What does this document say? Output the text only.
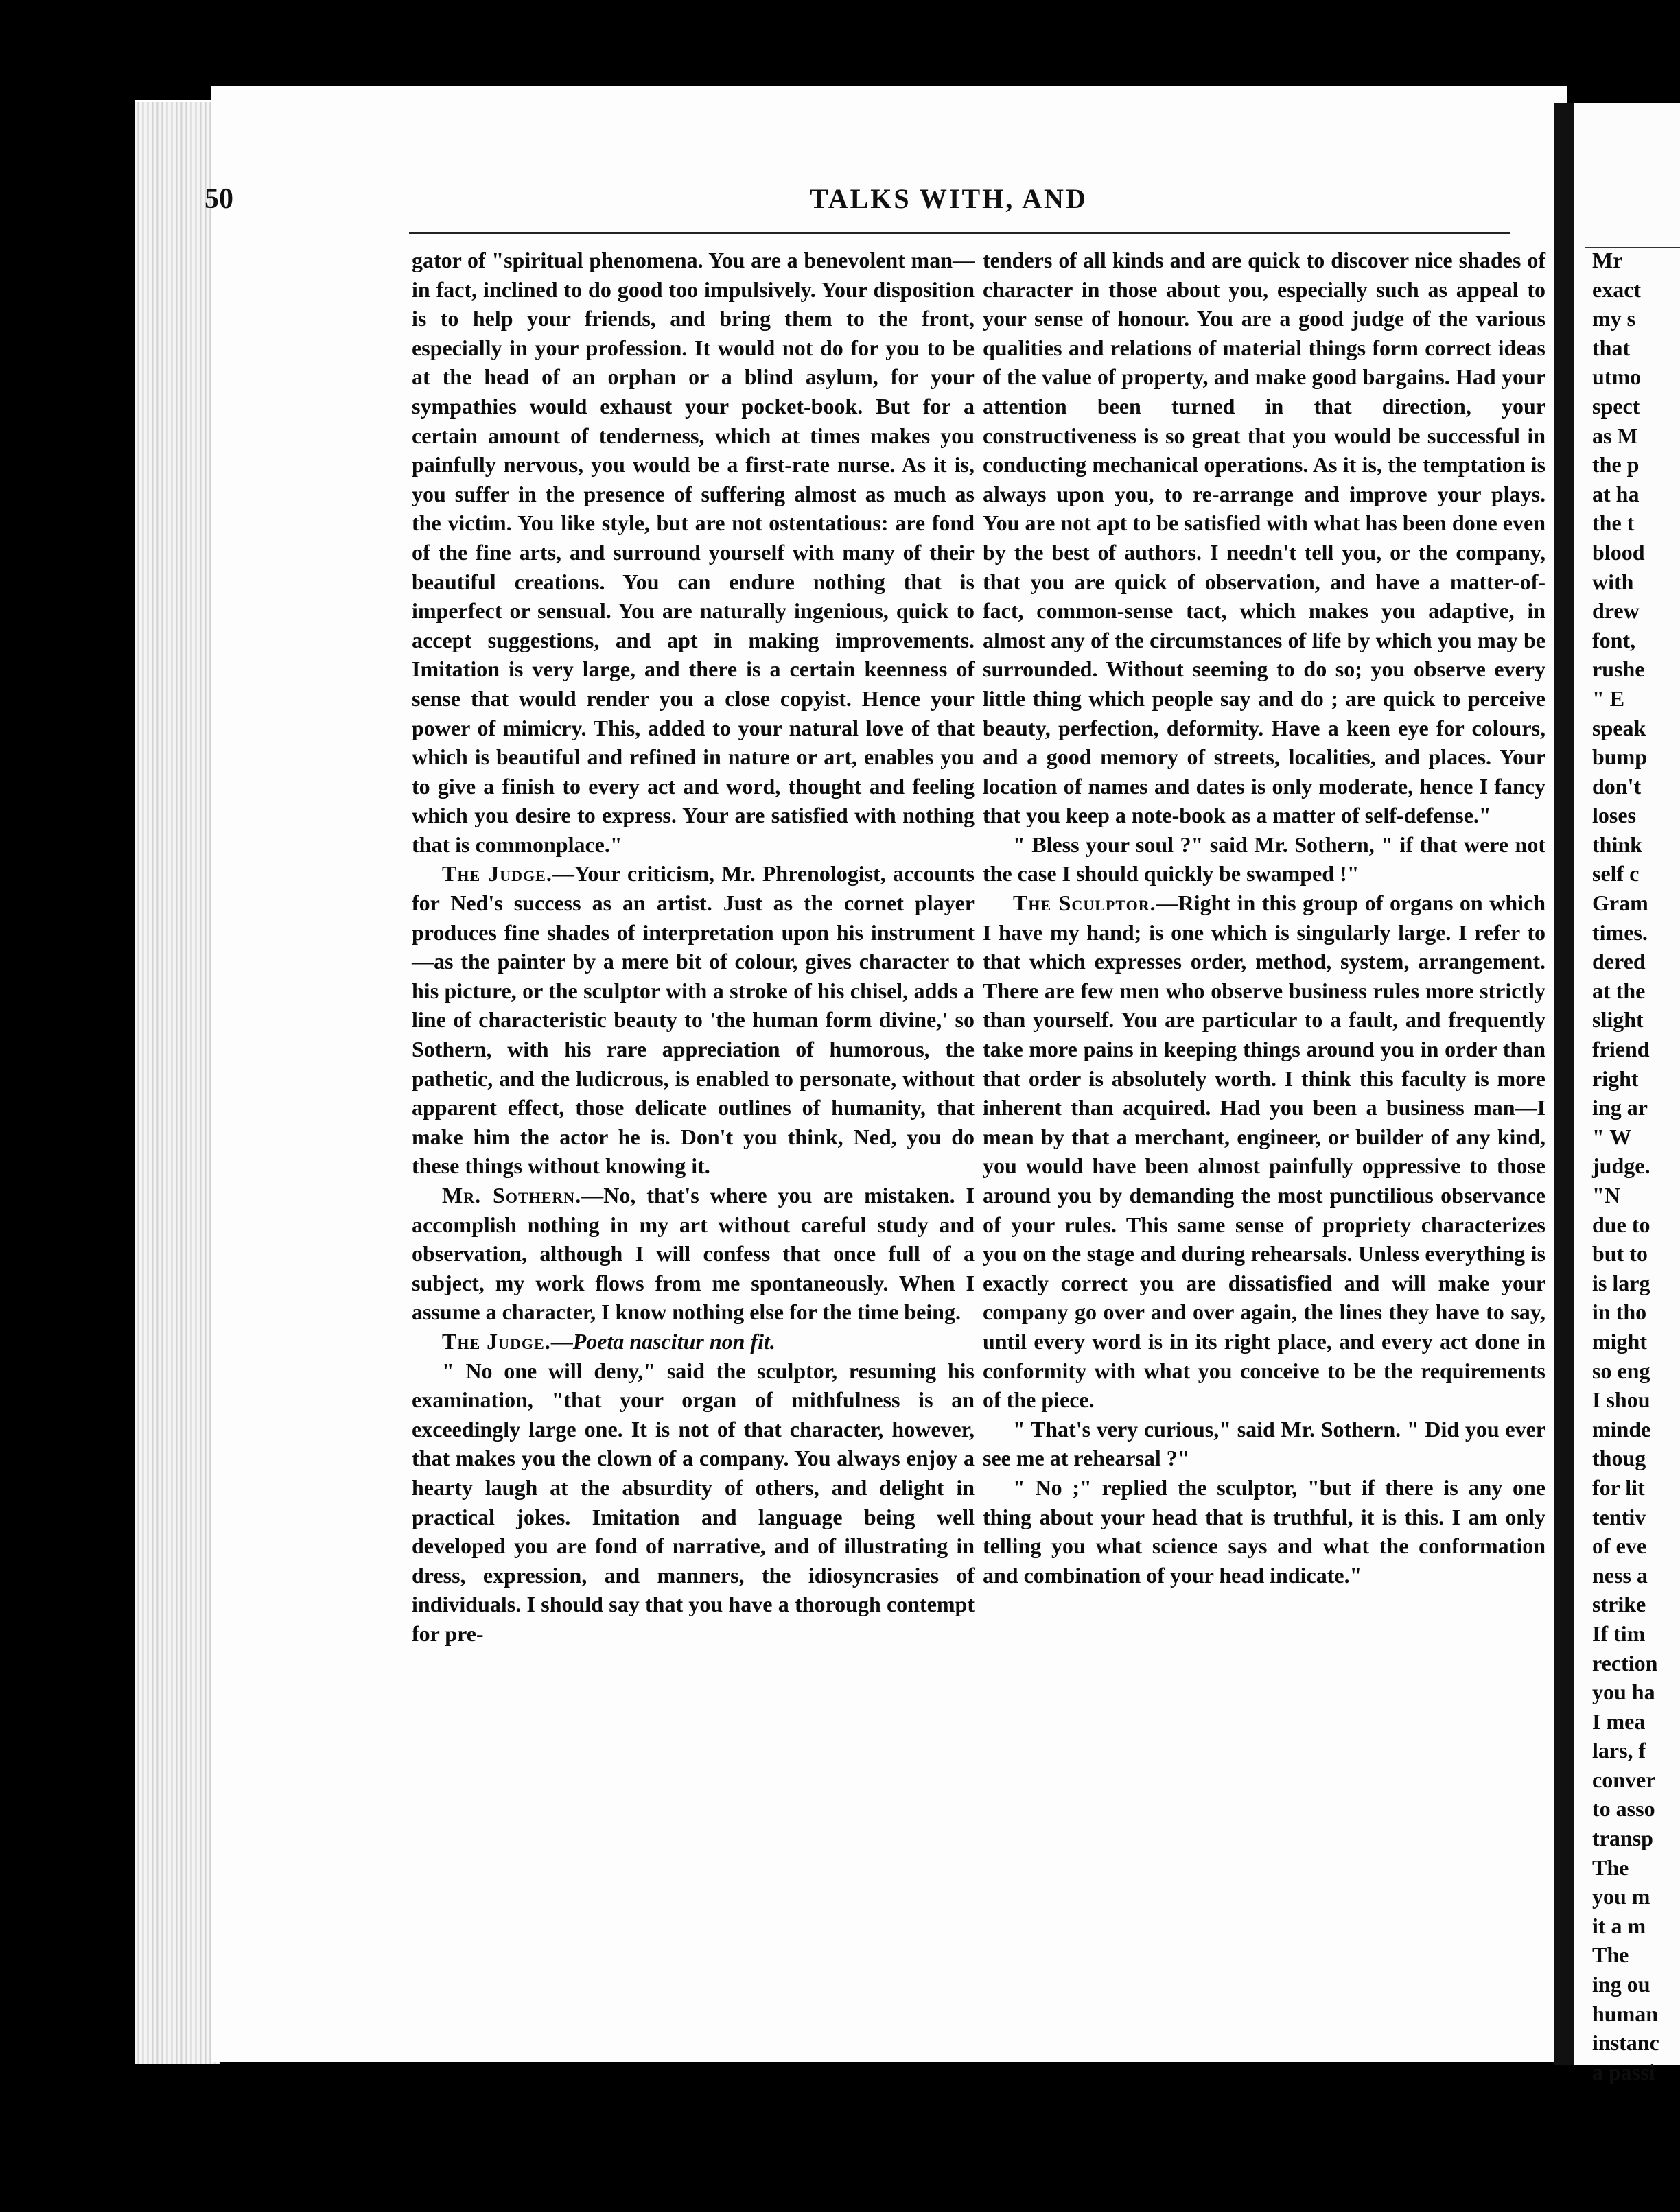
50	TALKS WITH, AND

gator of "spiritual phenomena. You are a benevolent man—in fact, inclined to do good too impulsively. Your disposition is to help your friends, and bring them to the front, especially in your profession. It would not do for you to be at the head of an orphan or a blind asylum, for your sympathies would exhaust your pocket-book. But for a certain amount of tenderness, which at times makes you painfully nervous, you would be a first-rate nurse. As it is, you suffer in the presence of suffering almost as much as the victim. You like style, but are not ostentatious: are fond of the fine arts, and surround yourself with many of their beautiful creations. You can endure nothing that is imperfect or sensual. You are naturally ingenious, quick to accept suggestions, and apt in making improvements. Imitation is very large, and there is a certain keenness of sense that would render you a close copyist. Hence your power of mimicry. This, added to your natural love of that which is beautiful and refined in nature or art, enables you to give a finish to every act and word, thought and feeling which you desire to express. Your are satisfied with nothing that is commonplace."

The Judge.—Your criticism, Mr. Phrenologist, accounts for Ned's success as an artist. Just as the cornet player produces fine shades of interpretation upon his instrument—as the painter by a mere bit of colour, gives character to his picture, or the sculptor with a stroke of his chisel, adds a line of characteristic beauty to 'the human form divine,' so Sothern, with his rare appreciation of humorous, the pathetic, and the ludicrous, is enabled to personate, without apparent effect, those delicate outlines of humanity, that make him the actor he is. Don't you think, Ned, you do these things without knowing it.

Mr. Sothern.—No, that's where you are mistaken. I accomplish nothing in my art without careful study and observation, although I will confess that once full of a subject, my work flows from me spontaneously. When I assume a character, I know nothing else for the time being.

The Judge.—Poeta nascitur non fit.

" No one will deny," said the sculptor, resuming his examination, "that your organ of mithfulness is an exceedingly large one. It is not of that character, however, that makes you the clown of a company. You always enjoy a hearty laugh at the absurdity of others, and delight in practical jokes. Imitation and language being well developed you are fond of narrative, and of illustrating in dress, expression, and manners, the idiosyncrasies of individuals. I should say that you have a thorough contempt for pre-

tenders of all kinds and are quick to discover nice shades of character in those about you, especially such as appeal to your sense of honour. You are a good judge of the various qualities and relations of material things form correct ideas of the value of property, and make good bargains. Had your attention been turned in that direction, your constructiveness is so great that you would be successful in conducting mechanical operations. As it is, the temptation is always upon you, to re-arrange and improve your plays. You are not apt to be satisfied with what has been done even by the best of authors. I needn't tell you, or the company, that you are quick of observation, and have a matter-of-fact, common-sense tact, which makes you adaptive, in almost any of the circumstances of life by which you may be surrounded. Without seeming to do so; you observe every little thing which people say and do ; are quick to perceive beauty, perfection, deformity. Have a keen eye for colours, and a good memory of streets, localities, and places. Your location of names and dates is only moderate, hence I fancy that you keep a note-book as a matter of self-defense."

" Bless your soul ?" said Mr. Sothern, " if that were not the case I should quickly be swamped !"

The Sculptor.—Right in this group of organs on which I have my hand; is one which is singularly large. I refer to that which expresses order, method, system, arrangement. There are few men who observe business rules more strictly than yourself. You are particular to a fault, and frequently take more pains in keeping things around you in order than that order is absolutely worth. I think this faculty is more inherent than acquired. Had you been a business man—I mean by that a merchant, engineer, or builder of any kind, you would have been almost painfully oppressive to those around you by demanding the most punctilious observance of your rules. This same sense of propriety characterizes you on the stage and during rehearsals. Unless everything is exactly correct you are dissatisfied and will make your company go over and over again, the lines they have to say, until every word is in its right place, and every act done in conformity with what you conceive to be the requirements of the piece.

" That's very curious," said Mr. Sothern. " Did you ever see me at rehearsal ?"

" No ;" replied the sculptor, "but if there is any one thing about your head that is truthful, it is this. I am only telling you what science says and what the conformation and combination of your head indicate."

Mr
exact
my s
that
utmo
spect
as M
the p
at ha
the t
blood
with
drew
font,
rushe
" E
speak
bump
don't
loses
think
self c
Gram
times.
dered
at the
slight
friend
right
ing ar
" W
judge.
"N
due to
but to
is larg
in tho
might
so eng
I shou
minde
thoug
for lit
tentiv
of eve
ness a
strike
If tim
rection
you ha
I mea
lars, f
conver
to asso
transp
The
you m
it a m
The
ing ou
human
instanc
a passi
